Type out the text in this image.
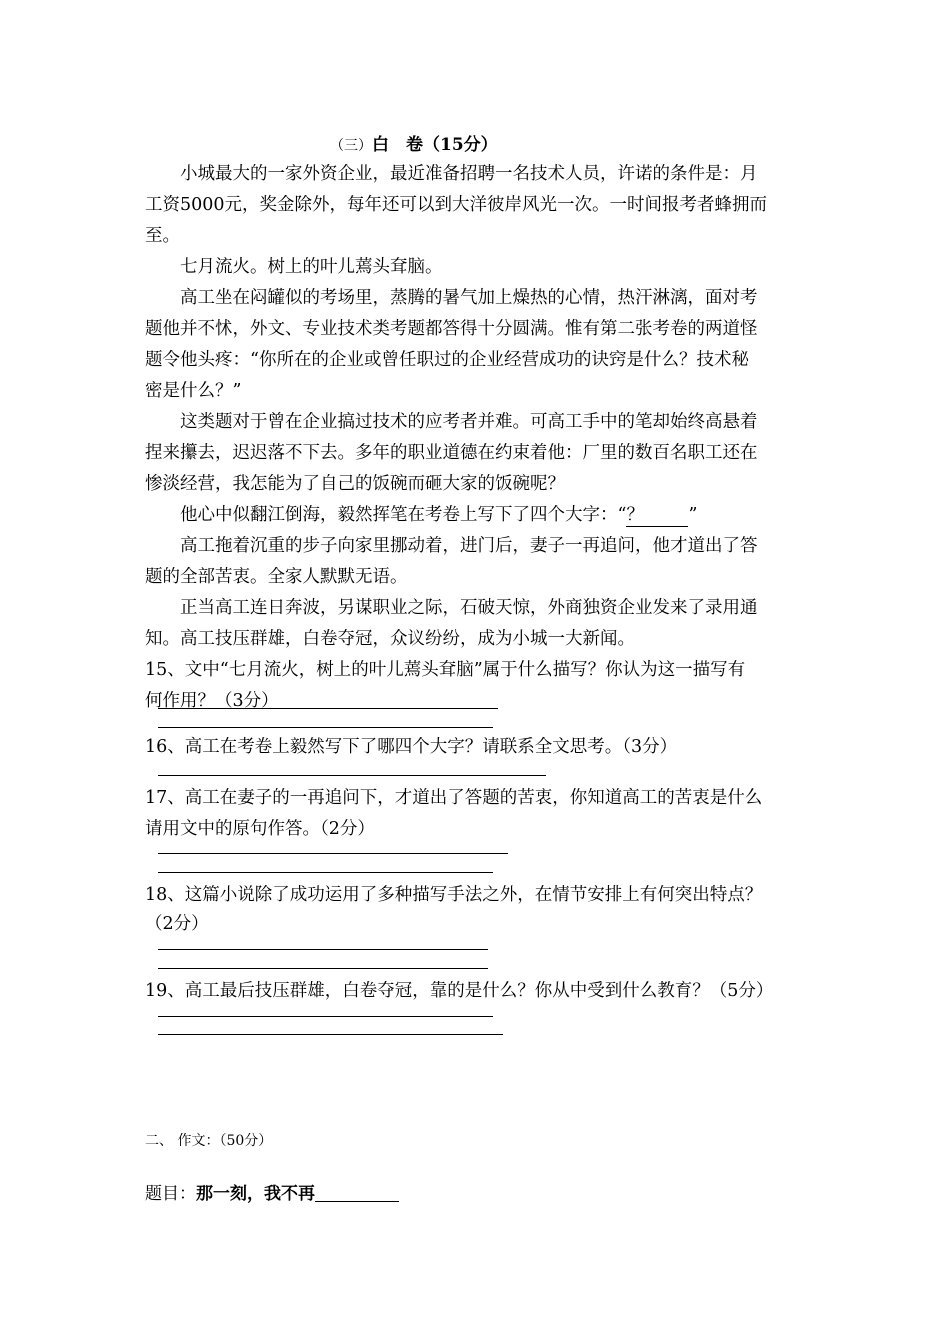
（三）白　卷（15分）
　　小城最大的一家外资企业，最近准备招聘一名技术人员，许诺的条件是：月
工资5000元，奖金除外，每年还可以到大洋彼岸风光一次。一时间报考者蜂拥而
至。
　　七月流火。树上的叶儿蔫头耷脑。
　　高工坐在闷罐似的考场里，蒸腾的暑气加上燥热的心情，热汗淋漓，面对考
题他并不怵，外文、专业技术类考题都答得十分圆满。惟有第二张考卷的两道怪
题令他头疼：“你所在的企业或曾任职过的企业经营成功的诀窍是什么？技术秘
密是什么？”
　　这类题对于曾在企业搞过技术的应考者并难。可高工手中的笔却始终高悬着
捏来攥去，迟迟落不下去。多年的职业道德在约束着他：厂里的数百名职工还在
惨淡经营，我怎能为了自己的饭碗而砸大家的饭碗呢？
　　他心中似翻江倒海，毅然挥笔在考卷上写下了四个大字：“？	”
　　高工拖着沉重的步子向家里挪动着，进门后，妻子一再追问，他才道出了答
题的全部苦衷。全家人默默无语。
　　正当高工连日奔波，另谋职业之际，石破天惊，外商独资企业发来了录用通
知。高工技压群雄，白卷夺冠，众议纷纷，成为小城一大新闻。
15、文中“七月流火，树上的叶儿蔫头耷脑”属于什么描写？你认为这一描写有
何作用？（3分）
16、高工在考卷上毅然写下了哪四个大字？请联系全文思考。（3分）
17、高工在妻子的一再追问下，才道出了答题的苦衷，你知道高工的苦衷是什么
请用文中的原句作答。（2分）
18、这篇小说除了成功运用了多种描写手法之外，在情节安排上有何突出特点？
（2分）
19、高工最后技压群雄，白卷夺冠，靠的是什么？你从中受到什么教育？（5分）
二、 作文：（50分）
题目：那一刻，我不再
